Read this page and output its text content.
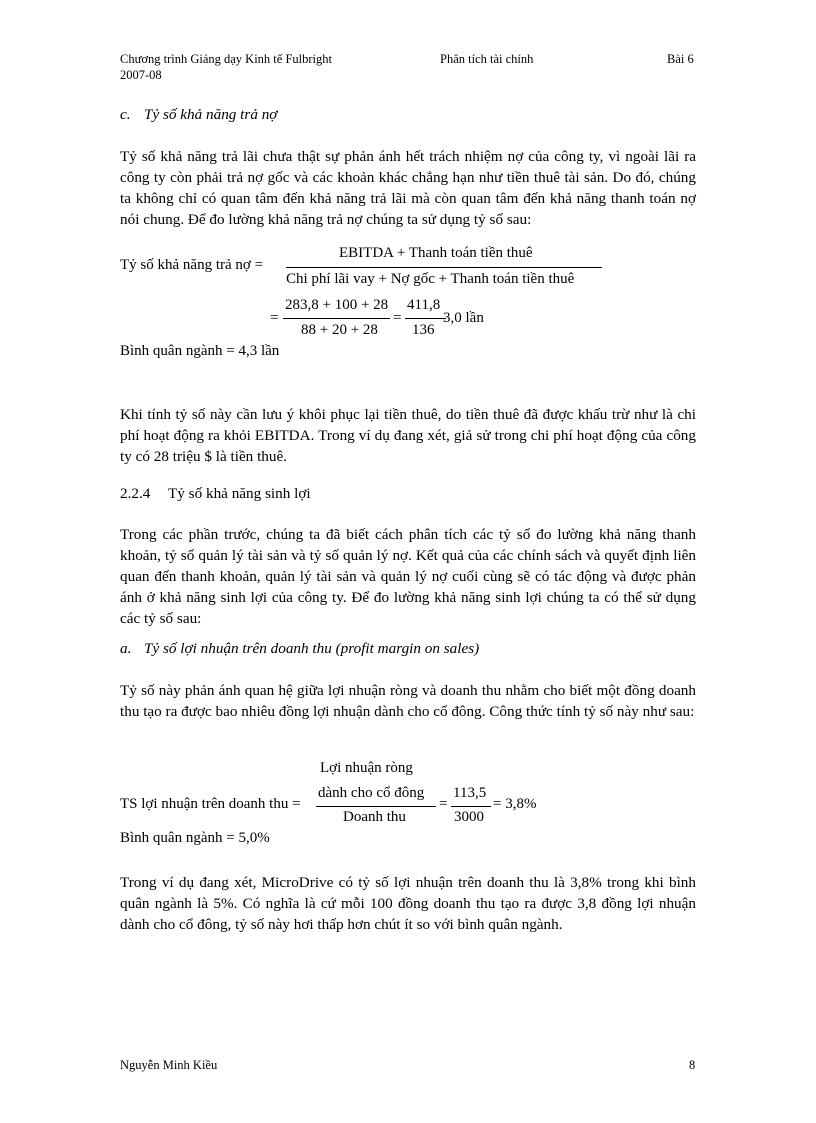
Chương trình Giảng dạy Kinh tế Fulbright
2007-08
Phân tích tài chính	Bài 6
c. Tỷ số khả năng trả nợ
Tỷ số khả năng trả lãi chưa thật sự phản ánh hết trách nhiệm nợ của công ty, vì ngoài lãi ra công ty còn phải trả nợ gốc và các khoản khác chẳng hạn như tiền thuê tài sản. Do đó, chúng ta không chỉ có quan tâm đến khả năng trả lãi mà còn quan tâm đến khả năng thanh toán nợ nói chung. Để đo lường khả năng trả nợ chúng ta sử dụng tỷ số sau:
Tỷ số khả năng trả nợ =
EBITDA + Thanh toán tiền thuê
Chi phí lãi vay + Nợ gốc + Thanh toán tiền thuê
=
283,8 + 100 + 28
88 + 20 + 28
=
411,8
136
3,0 lần
Bình quân ngành = 4,3 lần
Khi tính tỷ số này cần lưu ý khôi phục lại tiền thuê, do tiền thuê đã được khấu trừ như là chi phí hoạt động ra khỏi EBITDA. Trong ví dụ đang xét, giả sử trong chi phí hoạt động của công ty có 28 triệu $ là tiền thuê.
2.2.4 Tỷ số khả năng sinh lợi
Trong các phần trước, chúng ta đã biết cách phân tích các tỷ số đo lường khả năng thanh khoản, tỷ số quản lý tài sản và tỷ số quản lý nợ. Kết quả của các chính sách và quyết định liên quan đến thanh khoản, quản lý tài sản và quản lý nợ cuối cùng sẽ có tác động và được phản ánh ở khả năng sinh lợi của công ty. Để đo lường khả năng sinh lợi chúng ta có thể sử dụng các tỷ số sau:
a. Tỷ số lợi nhuận trên doanh thu (profit margin on sales)
Tỷ số này phản ánh quan hệ giữa lợi nhuận ròng và doanh thu nhằm cho biết một đồng doanh thu tạo ra được bao nhiêu đồng lợi nhuận dành cho cổ đông. Công thức tính tỷ số này như sau:
Lợi nhuận ròng
dành cho cổ đông
TS lợi nhuận trên doanh thu =
Doanh thu
=
113,5
3000
= 3,8%
Bình quân ngành = 5,0%
Trong ví dụ đang xét, MicroDrive có tỷ số lợi nhuận trên doanh thu là 3,8% trong khi bình quân ngành là 5%. Có nghĩa là cứ mỗi 100 đồng doanh thu tạo ra được 3,8 đồng lợi nhuận dành cho cổ đông, tỷ số này hơi thấp hơn chút ít so với bình quân ngành.
Nguyễn Minh Kiều	8
